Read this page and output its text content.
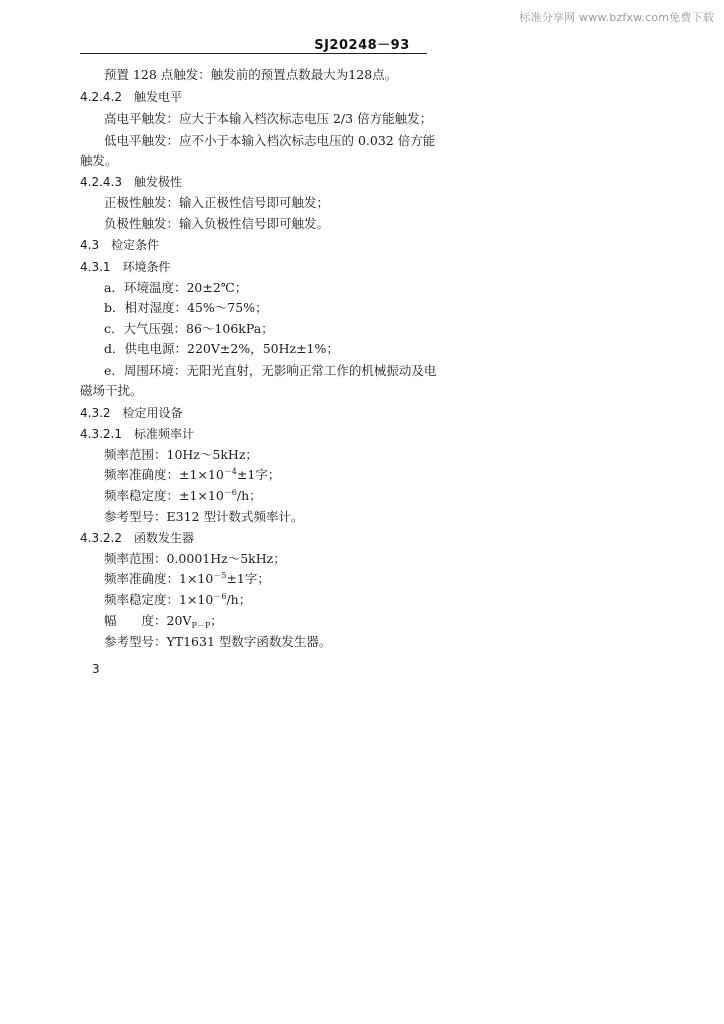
标准分享网 www.bzfxw.com免费下载
SJ20248－93
预置 128 点触发：触发前的预置点数最大为128点。
4.2.4.2　触发电平
高电平触发：应大于本输入档次标志电压 2/3 倍方能触发；
低电平触发：应不小于本输入档次标志电压的 0.032 倍方能
触发。
4.2.4.3　触发极性
正极性触发：输入正极性信号即可触发；
负极性触发：输入负极性信号即可触发。
4.3　检定条件
4.3.1　环境条件
a．环境温度：20±2℃；
b．相对湿度：45%～75%；
c．大气压强：86～106kPa；
d．供电电源：220V±2%，50Hz±1%；
e．周围环境：无阳光直射，无影响正常工作的机械振动及电
磁场干扰。
4.3.2　检定用设备
4.3.2.1　标准频率计
频率范围：10Hz～5kHz；
频率准确度：$\pm 1\times 10^{-4}\pm 1$字；
频率稳定度：$\pm 1\times 10^{-6}/h$；
参考型号：E312 型计数式频率计。
4.3.2.2　函数发生器
频率范围：0.0001Hz～5kHz；
频率准确度：$1\times 10^{-5}\pm 1$字；
频率稳定度：$1\times 10^{-6}/h$；
幅　　度：$20V_{P-P}$；
参考型号：YT1631 型数字函数发生器。
3
